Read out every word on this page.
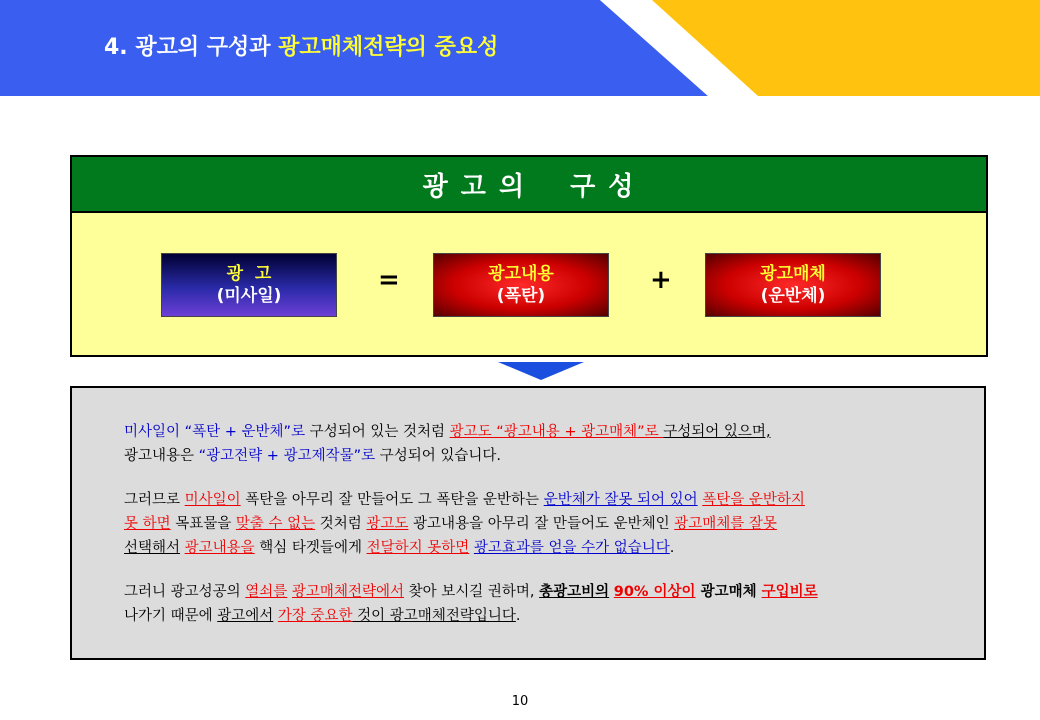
4. 광고의 구성과 광고매체전략의 중요성
광 고 의 구 성
광  고
(미사일)
=	광고내용
(폭탄)
+	광고매체
(운반체)
미사일이 “폭탄 + 운반체”로 구성되어 있는 것처럼 광고도 “광고내용 + 광고매체”로 구성되어 있으며,
광고내용은 “광고전략 + 광고제작물”로 구성되어 있습니다.
그러므로 미사일이 폭탄을 아무리 잘 만들어도 그 폭탄을 운반하는 운반체가 잘못 되어 있어 폭탄을 운반하지
못 하면 목표물을 맞출 수 없는 것처럼 광고도 광고내용을 아무리 잘 만들어도 운반체인 광고매체를 잘못
선택해서 광고내용을 핵심 타겟들에게 전달하지 못하면 광고효과를 얻을 수가 없습니다.
그러니 광고성공의 열쇠를 광고매체전략에서 찾아 보시길 권하며, 총광고비의 90% 이상이 광고매체 구입비로
나가기 때문에 광고에서 가장 중요한 것이 광고매체전략입니다.
10
